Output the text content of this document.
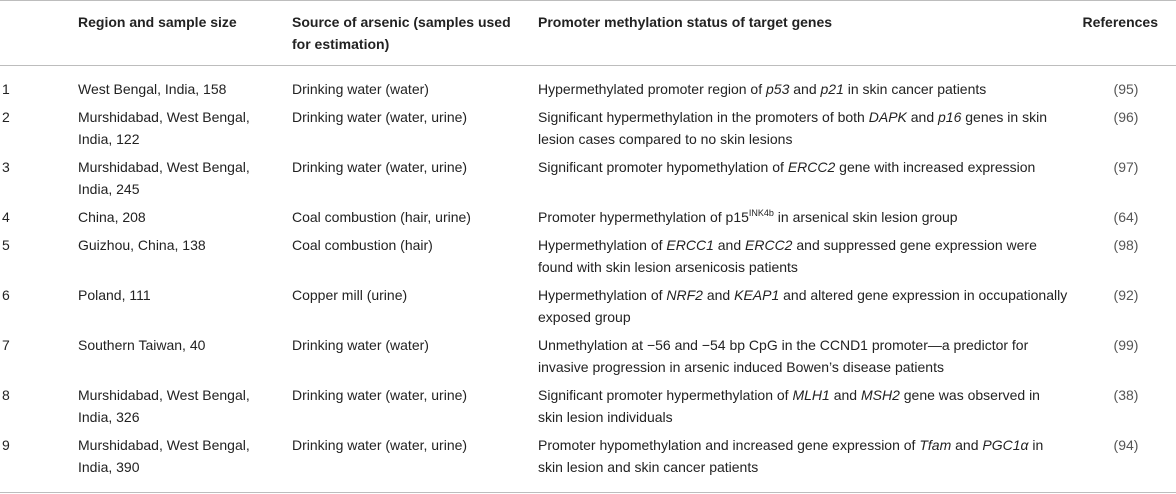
	Region and sample size	Source of arsenic (samples used for estimation)	Promoter methylation status of target genes	References
1	West Bengal, India, 158	Drinking water (water)	Hypermethylated promoter region of p53 and p21 in skin cancer patients	(95)
2	Murshidabad, West Bengal, India, 122	Drinking water (water, urine)	Significant hypermethylation in the promoters of both DAPK and p16 genes in skin lesion cases compared to no skin lesions	(96)
3	Murshidabad, West Bengal, India, 245	Drinking water (water, urine)	Significant promoter hypomethylation of ERCC2 gene with increased expression	(97)
4	China, 208	Coal combustion (hair, urine)	Promoter hypermethylation of $p15^{INK4b}$ in arsenical skin lesion group	(64)
5	Guizhou, China, 138	Coal combustion (hair)	Hypermethylation of ERCC1 and ERCC2 and suppressed gene expression were found with skin lesion arsenicosis patients	(98)
6	Poland, 111	Copper mill (urine)	Hypermethylation of NRF2 and KEAP1 and altered gene expression in occupationally exposed group	(92)
7	Southern Taiwan, 40	Drinking water (water)	Unmethylation at −56 and −54 bp CpG in the CCND1 promoter—a predictor for invasive progression in arsenic induced Bowen’s disease patients	(99)
8	Murshidabad, West Bengal, India, 326	Drinking water (water, urine)	Significant promoter hypermethylation of MLH1 and MSH2 gene was observed in skin lesion individuals	(38)
9	Murshidabad, West Bengal, India, 390	Drinking water (water, urine)	Promoter hypomethylation and increased gene expression of Tfam and PGC1α in skin lesion and skin cancer patients	(94)
